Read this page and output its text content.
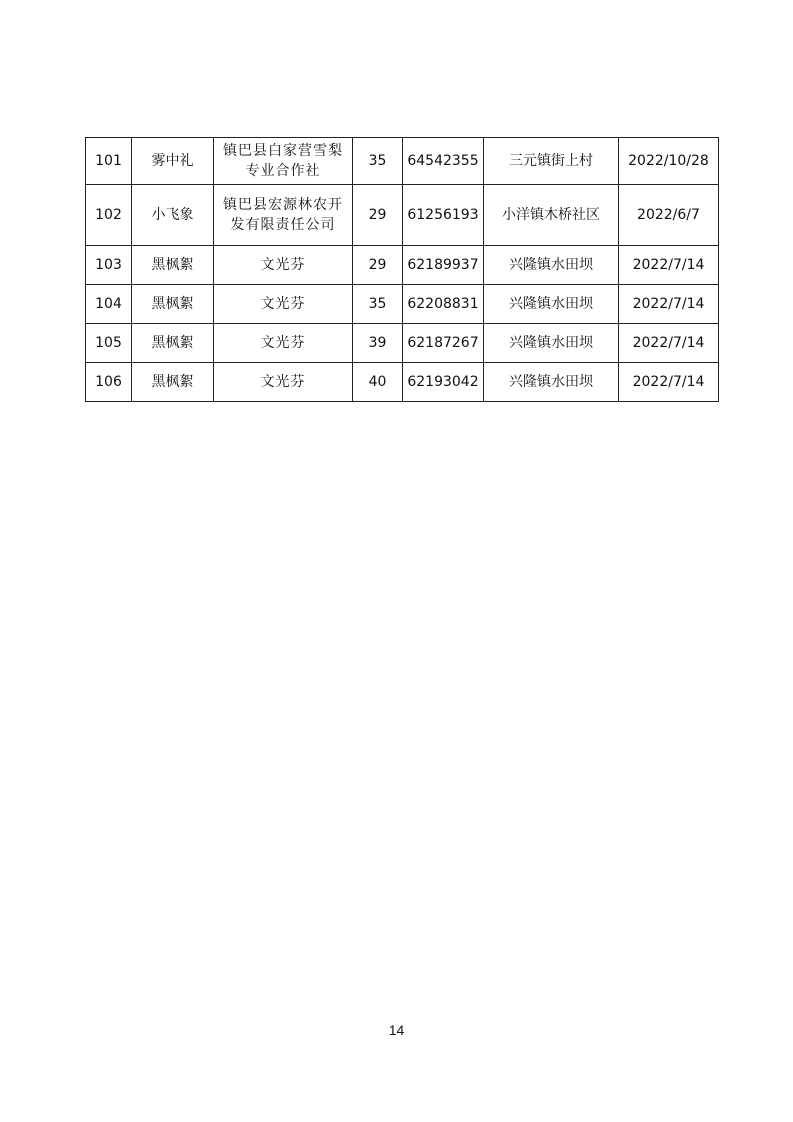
101	雾中礼	镇巴县白家营雪梨专业合作社	35	64542355	三元镇街上村	2022/10/28
102	小飞象	镇巴县宏源林农开发有限责任公司	29	61256193	小洋镇木桥社区	2022/6/7
103	黑枫絮	文光芬	29	62189937	兴隆镇水田坝	2022/7/14
104	黑枫絮	文光芬	35	62208831	兴隆镇水田坝	2022/7/14
105	黑枫絮	文光芬	39	62187267	兴隆镇水田坝	2022/7/14
106	黑枫絮	文光芬	40	62193042	兴隆镇水田坝	2022/7/14
14
